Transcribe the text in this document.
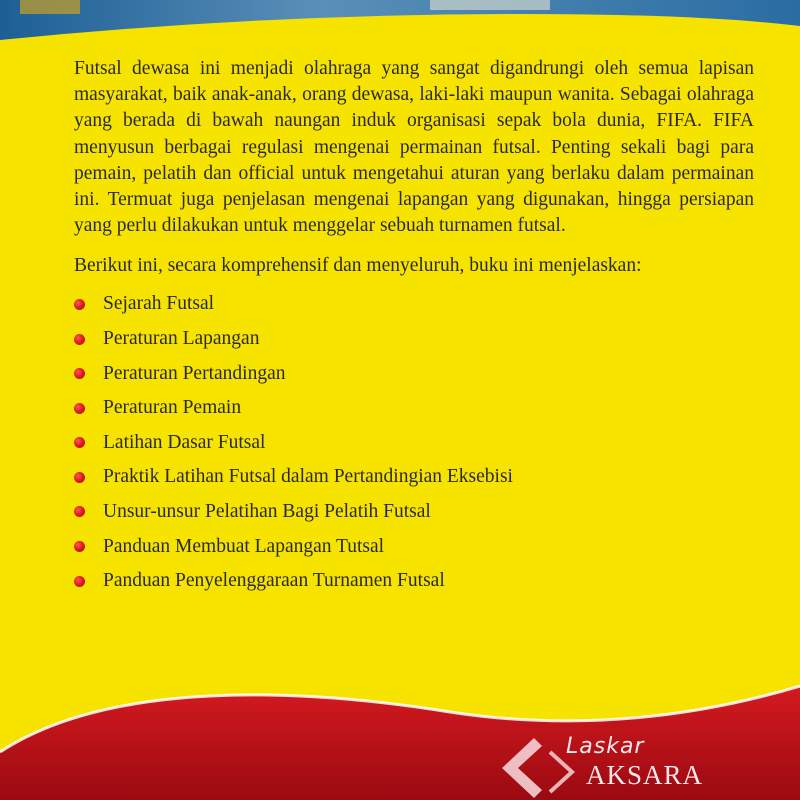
Futsal dewasa ini menjadi olahraga yang sangat digandrungi oleh semua lapisan masyarakat, baik anak-anak, orang dewasa, laki-laki maupun wanita. Sebagai olahraga yang berada di bawah naungan induk organisasi sepak bola dunia, FIFA. FIFA menyusun berbagai regulasi mengenai permainan futsal. Penting sekali bagi para pemain, pelatih dan official untuk mengetahui aturan yang berlaku dalam permainan ini. Termuat juga penjelasan mengenai lapangan yang digunakan, hingga persiapan yang perlu dilakukan untuk menggelar sebuah turnamen futsal.

Berikut ini, secara komprehensif dan menyeluruh, buku ini menjelaskan:

Sejarah Futsal
Peraturan Lapangan
Peraturan Pertandingan
Peraturan Pemain
Latihan Dasar Futsal
Praktik Latihan Futsal dalam Pertandingian Eksebisi
Unsur-unsur Pelatihan Bagi Pelatih Futsal
Panduan Membuat Lapangan Tutsal
Panduan Penyelenggaraan Turnamen Futsal
Laskar
AKSARA
